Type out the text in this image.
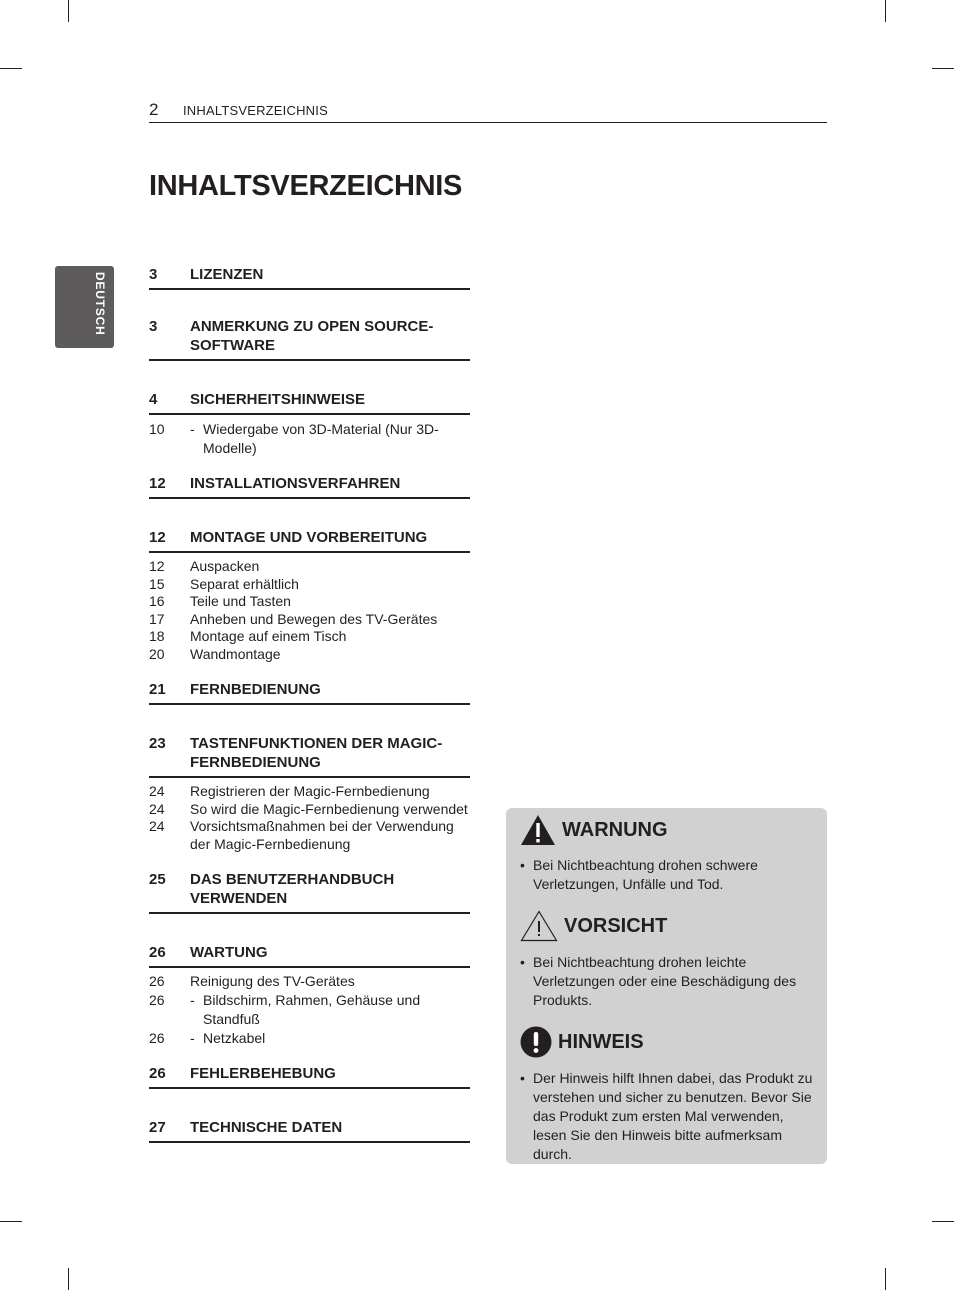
2 INHALTSVERZEICHNIS
INHALTSVERZEICHNIS
DEUTSCH	3	LIZENZEN
3	ANMERKUNG ZU OPEN SOURCE-SOFTWARE
4	SICHERHEITSHINWEISE
10	- Wiedergabe von 3D-Material (Nur 3D-Modelle)
12	INSTALLATIONSVERFAHREN
12	MONTAGE UND VORBEREITUNG
12	Auspacken
15	Separat erhältlich
16	Teile und Tasten
17	Anheben und Bewegen des TV-Gerätes
18	Montage auf einem Tisch
20	Wandmontage
21	FERNBEDIENUNG
23	TASTENFUNKTIONEN DER MAGIC-FERNBEDIENUNG
24	Registrieren der Magic-Fernbedienung
24	So wird die Magic-Fernbedienung verwendet
24	Vorsichtsmaßnahmen bei der Verwendung der Magic-Fernbedienung
25	DAS BENUTZERHANDBUCH VERWENDEN
26	WARTUNG
26	Reinigung des TV-Gerätes
26	- Bildschirm, Rahmen, Gehäuse und Standfuß
26	- Netzkabel
26	FEHLERBEHEBUNG
27	TECHNISCHE DATEN
WARNUNG
• Bei Nichtbeachtung drohen schwere Verletzungen, Unfälle und Tod.
VORSICHT
• Bei Nichtbeachtung drohen leichte Verletzungen oder eine Beschädigung des Produkts.
HINWEIS
• Der Hinweis hilft Ihnen dabei, das Produkt zu verstehen und sicher zu benutzen. Bevor Sie das Produkt zum ersten Mal verwenden, lesen Sie den Hinweis bitte aufmerksam durch.
